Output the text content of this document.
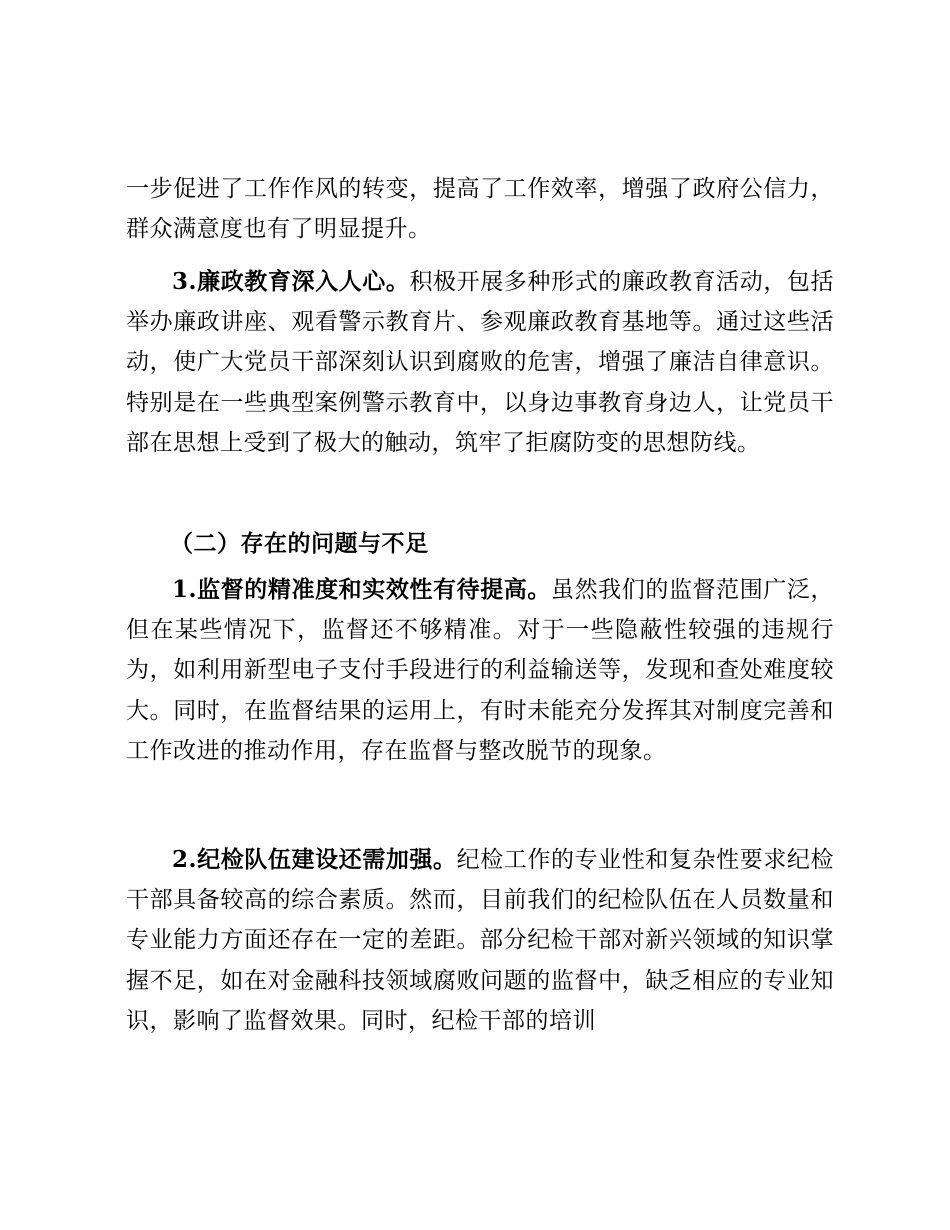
一步促进了工作作风的转变，提高了工作效率，增强了政府公信力，群众满意度也有了明显提升。

3.廉政教育深入人心。积极开展多种形式的廉政教育活动，包括举办廉政讲座、观看警示教育片、参观廉政教育基地等。通过这些活动，使广大党员干部深刻认识到腐败的危害，增强了廉洁自律意识。特别是在一些典型案例警示教育中，以身边事教育身边人，让党员干部在思想上受到了极大的触动，筑牢了拒腐防变的思想防线。

（二）存在的问题与不足

1.监督的精准度和实效性有待提高。虽然我们的监督范围广泛，但在某些情况下，监督还不够精准。对于一些隐蔽性较强的违规行为，如利用新型电子支付手段进行的利益输送等，发现和查处难度较大。同时，在监督结果的运用上，有时未能充分发挥其对制度完善和工作改进的推动作用，存在监督与整改脱节的现象。

2.纪检队伍建设还需加强。纪检工作的专业性和复杂性要求纪检干部具备较高的综合素质。然而，目前我们的纪检队伍在人员数量和专业能力方面还存在一定的差距。部分纪检干部对新兴领域的知识掌握不足，如在对金融科技领域腐败问题的监督中，缺乏相应的专业知识，影响了监督效果。同时，纪检干部的培训
